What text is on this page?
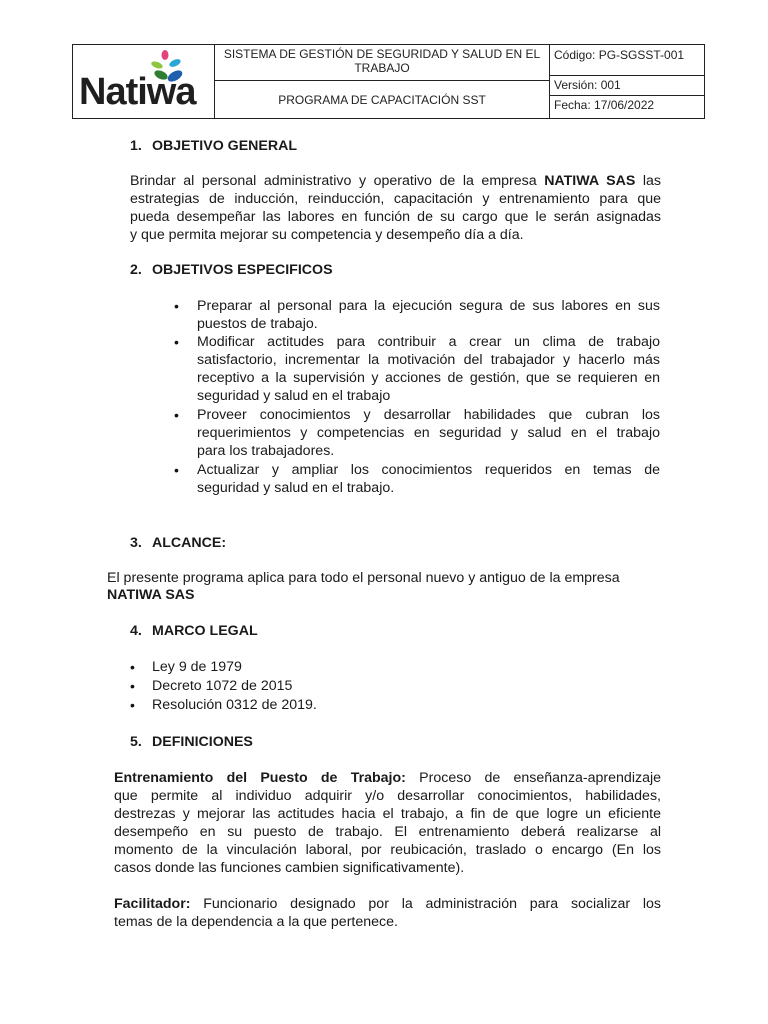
Natiwa
SISTEMA DE GESTIÓN DE SEGURIDAD Y SALUD EN EL TRABAJO
PROGRAMA DE CAPACITACIÓN SST
Código: PG-SGSST-001
Versión: 001
Fecha: 17/06/2022
1. OBJETIVO GENERAL
Brindar al personal administrativo y operativo de la empresa NATIWA SAS las
estrategias de inducción, reinducción, capacitación y entrenamiento para que
pueda desempeñar las labores en función de su cargo que le serán asignadas
y que permita mejorar su competencia y desempeño día a día.
2. OBJETIVOS ESPECIFICOS
• Preparar al personal para la ejecución segura de sus labores en sus
puestos de trabajo.
• Modificar actitudes para contribuir a crear un clima de trabajo
satisfactorio, incrementar la motivación del trabajador y hacerlo más
receptivo a la supervisión y acciones de gestión, que se requieren en
seguridad y salud en el trabajo
• Proveer conocimientos y desarrollar habilidades que cubran los
requerimientos y competencias en seguridad y salud en el trabajo
para los trabajadores.
• Actualizar y ampliar los conocimientos requeridos en temas de
seguridad y salud en el trabajo.
3. ALCANCE:
El presente programa aplica para todo el personal nuevo y antiguo de la empresa
NATIWA SAS
4. MARCO LEGAL
• Ley 9 de 1979
• Decreto 1072 de 2015
• Resolución 0312 de 2019.
5. DEFINICIONES
Entrenamiento del Puesto de Trabajo: Proceso de enseñanza-aprendizaje
que permite al individuo adquirir y/o desarrollar conocimientos, habilidades,
destrezas y mejorar las actitudes hacia el trabajo, a fin de que logre un eficiente
desempeño en su puesto de trabajo. El entrenamiento deberá realizarse al
momento de la vinculación laboral, por reubicación, traslado o encargo (En los
casos donde las funciones cambien significativamente).
Facilitador: Funcionario designado por la administración para socializar los
temas de la dependencia a la que pertenece.
